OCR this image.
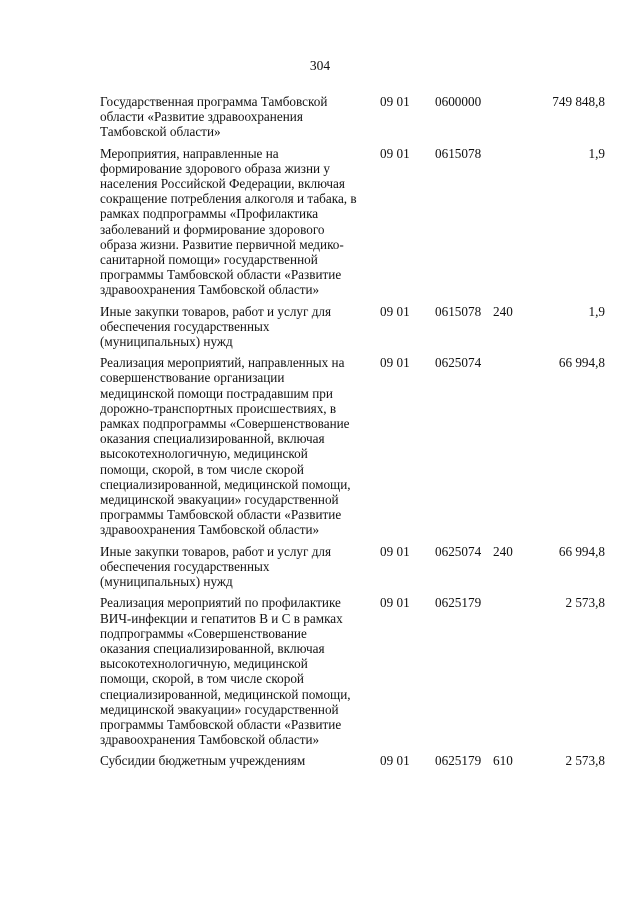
304
Государственная программа Тамбовской области «Развитие здравоохранения Тамбовской области»
09 01 0600000	749 848,8
Мероприятия, направленные на формирование здорового образа жизни у населения Российской Федерации, включая сокращение потребления алкоголя и табака, в рамках подпрограммы «Профилактика заболеваний и формирование здорового образа жизни. Развитие первичной медико-санитарной помощи» государственной программы Тамбовской области «Развитие здравоохранения Тамбовской области»
09 01 0615078	1,9
Иные закупки товаров, работ и услуг для обеспечения государственных (муниципальных) нужд
09 01 0615078 240	1,9
Реализация мероприятий, направленных на совершенствование организации медицинской помощи пострадавшим при дорожно-транспортных происшествиях, в рамках подпрограммы «Совершенствование оказания специализированной, включая высокотехнологичную, медицинской помощи, скорой, в том числе скорой специализированной, медицинской помощи, медицинской эвакуации» государственной программы Тамбовской области «Развитие здравоохранения Тамбовской области»
09 01 0625074	66 994,8
Иные закупки товаров, работ и услуг для обеспечения государственных (муниципальных) нужд
09 01 0625074 240	66 994,8
Реализация мероприятий по профилактике ВИЧ-инфекции и гепатитов В и С в рамках подпрограммы «Совершенствование оказания специализированной, включая высокотехнологичную, медицинской помощи, скорой, в том числе скорой специализированной, медицинской помощи, медицинской эвакуации» государственной программы Тамбовской области «Развитие здравоохранения Тамбовской области»
09 01 0625179	2 573,8
Субсидии бюджетным учреждениям	09 01 0625179 610	2 573,8
